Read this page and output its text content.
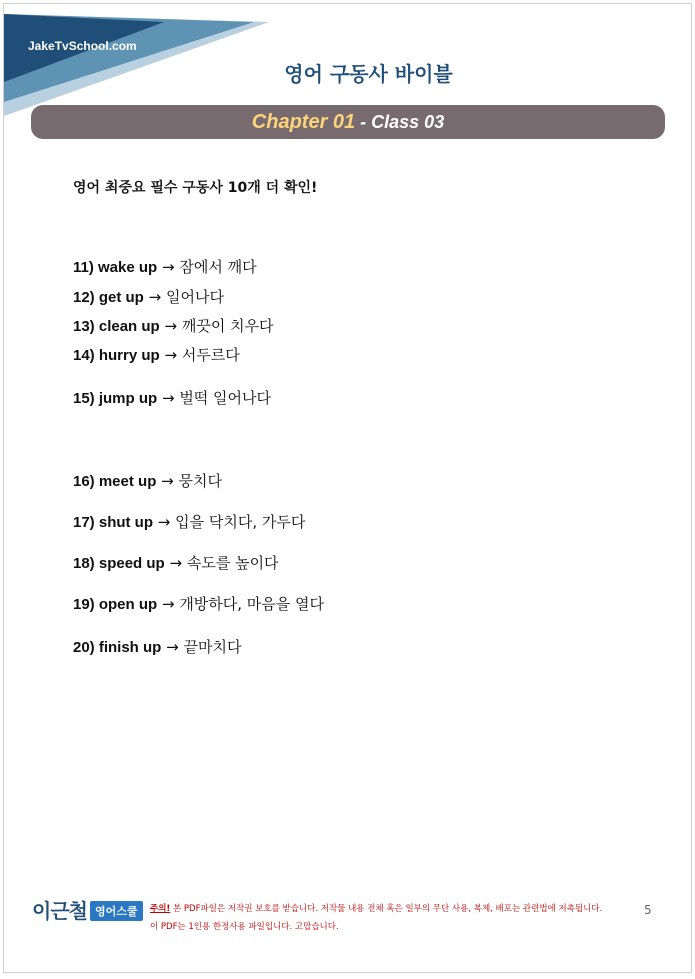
JakeTvSchool.com
영어 구동사 바이블
Chapter 01 - Class 03
영어 최중요 필수 구동사 10개 더 확인!
11) wake up → 잠에서 깨다
12) get up → 일어나다
13) clean up → 깨끗이 치우다
14) hurry up → 서두르다
15) jump up → 벌떡 일어나다
16) meet up → 뭉치다
17) shut up → 입을 닥치다, 가두다
18) speed up → 속도를 높이다
19) open up → 개방하다, 마음을 열다
20) finish up → 끝마치다
이근철 영어스쿨	주의! 본 PDF파일은 저작권 보호를 받습니다. 저작물 내용 전체 혹은 일부의 무단 사용, 복제, 배포는 관련법에 저촉됩니다.
이 PDF는 1인용 한정사용 파일입니다. 고맙습니다.
5
